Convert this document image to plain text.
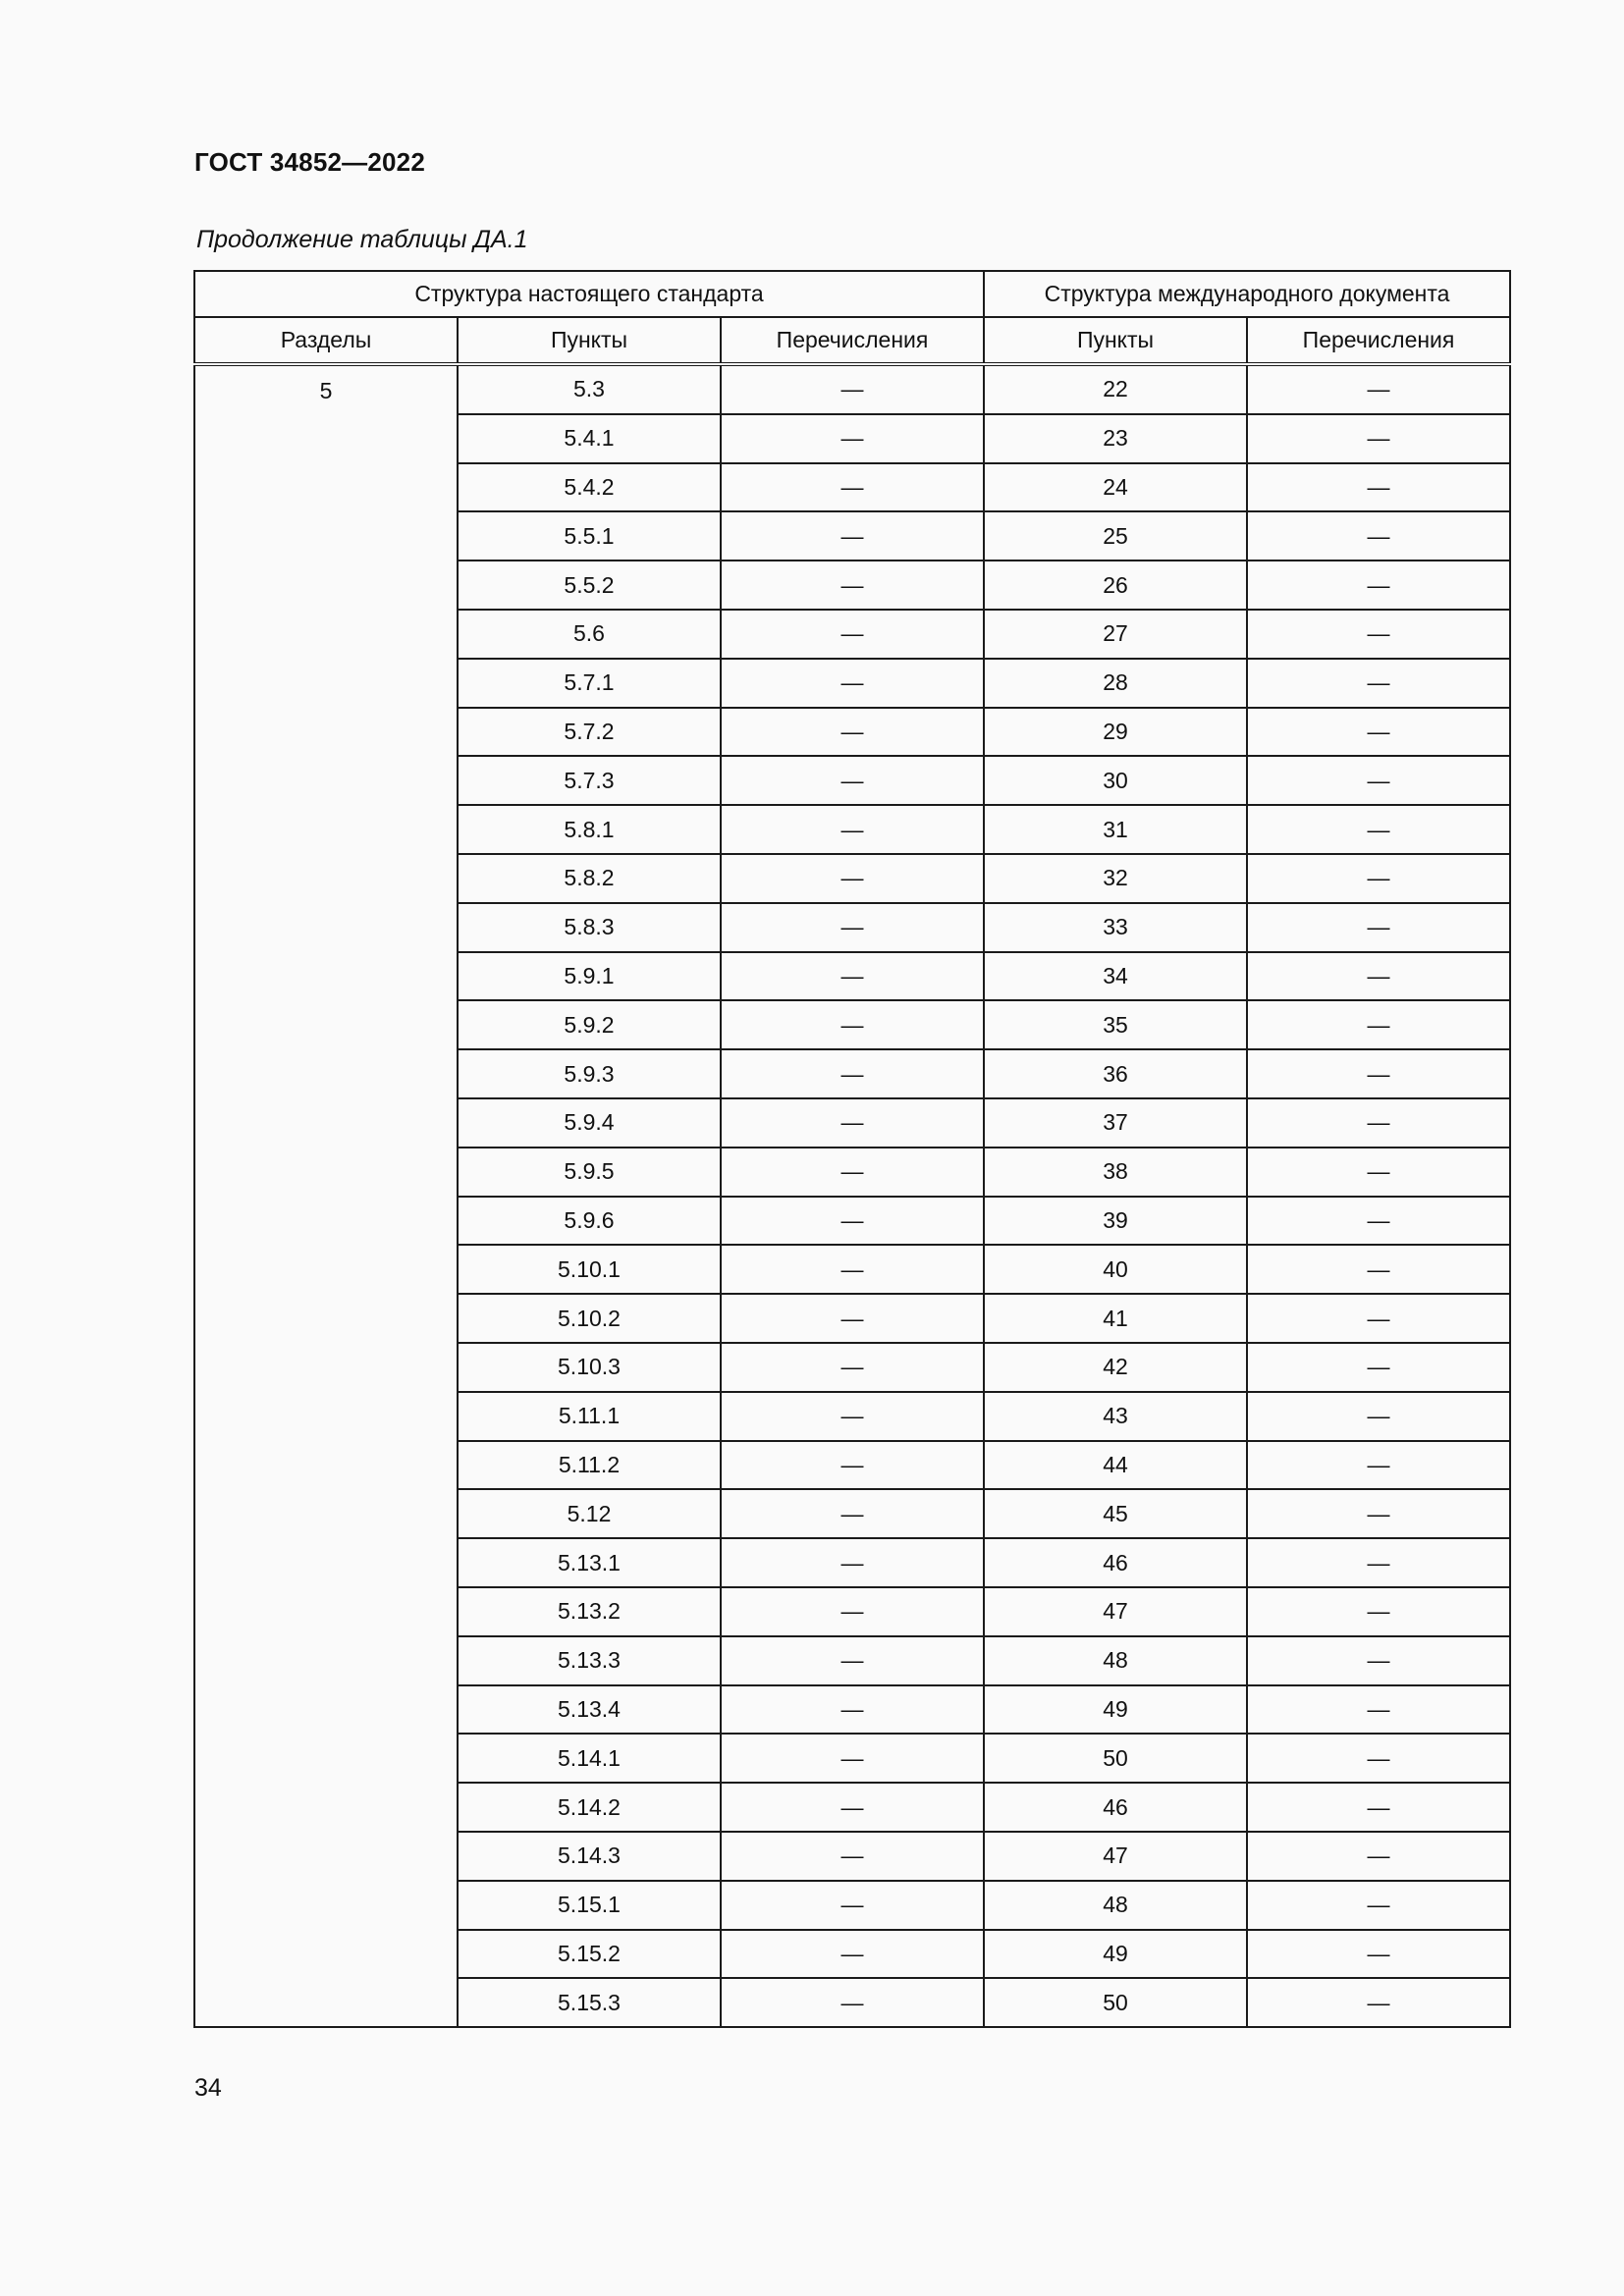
ГОСТ 34852—2022
Продолжение таблицы ДА.1
Структура настоящего стандарта			Структура международного документа	
Разделы	Пункты	Перечисления	Пункты	Перечисления
5	5.3	—	22	—
	5.4.1	—	23	—
	5.4.2	—	24	—
	5.5.1	—	25	—
	5.5.2	—	26	—
	5.6	—	27	—
	5.7.1	—	28	—
	5.7.2	—	29	—
	5.7.3	—	30	—
	5.8.1	—	31	—
	5.8.2	—	32	—
	5.8.3	—	33	—
	5.9.1	—	34	—
	5.9.2	—	35	—
	5.9.3	—	36	—
	5.9.4	—	37	—
	5.9.5	—	38	—
	5.9.6	—	39	—
	5.10.1	—	40	—
	5.10.2	—	41	—
	5.10.3	—	42	—
	5.11.1	—	43	—
	5.11.2	—	44	—
	5.12	—	45	—
	5.13.1	—	46	—
	5.13.2	—	47	—
	5.13.3	—	48	—
	5.13.4	—	49	—
	5.14.1	—	50	—
	5.14.2	—	46	—
	5.14.3	—	47	—
	5.15.1	—	48	—
	5.15.2	—	49	—
	5.15.3	—	50	—
34
